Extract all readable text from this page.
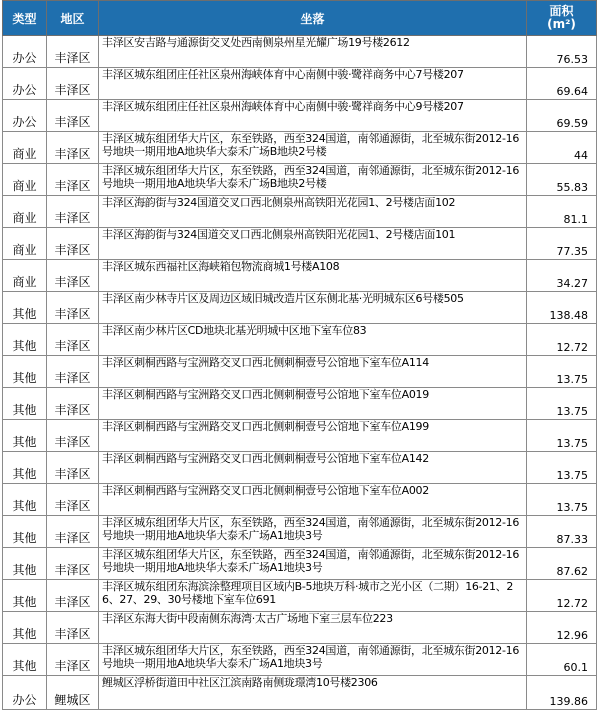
类型	地区	坐落	面积
(m²)
办公	丰泽区	丰泽区安吉路与通源街交叉处西南侧泉州星光耀广场19号楼2612	76.53
办公	丰泽区	丰泽区城东组团庄任社区泉州海峡体育中心南侧中骏·鹭祥商务中心7号楼207	69.64
办公	丰泽区	丰泽区城东组团庄任社区泉州海峡体育中心南侧中骏·鹭祥商务中心9号楼207	69.59
商业	丰泽区	丰泽区城东组团华大片区，东至铁路，西至324国道，南邻通源街，北至城东街2012-16号地块一期用地A地块华大泰禾广场B地块2号楼	44
商业	丰泽区	丰泽区城东组团华大片区，东至铁路，西至324国道，南邻通源街，北至城东街2012-16号地块一期用地A地块华大泰禾广场B地块2号楼	55.83
商业	丰泽区	丰泽区海韵街与324国道交叉口西北侧泉州高铁阳光花园1、2号楼店面102	81.1
商业	丰泽区	丰泽区海韵街与324国道交叉口西北侧泉州高铁阳光花园1、2号楼店面101	77.35
商业	丰泽区	丰泽区城东西福社区海峡箱包物流商城1号楼A108	34.27
其他	丰泽区	丰泽区南少林寺片区及周边区域旧城改造片区东侧北基·光明城东区6号楼505	138.48
其他	丰泽区	丰泽区南少林片区CD地块北基光明城中区地下室车位83	12.72
其他	丰泽区	丰泽区刺桐西路与宝洲路交叉口西北侧刺桐壹号公馆地下室车位A114	13.75
其他	丰泽区	丰泽区刺桐西路与宝洲路交叉口西北侧刺桐壹号公馆地下室车位A019	13.75
其他	丰泽区	丰泽区刺桐西路与宝洲路交叉口西北侧刺桐壹号公馆地下室车位A199	13.75
其他	丰泽区	丰泽区刺桐西路与宝洲路交叉口西北侧刺桐壹号公馆地下室车位A142	13.75
其他	丰泽区	丰泽区刺桐西路与宝洲路交叉口西北侧刺桐壹号公馆地下室车位A002	13.75
其他	丰泽区	丰泽区城东组团华大片区，东至铁路，西至324国道，南邻通源街，北至城东街2012-16号地块一期用地A地块华大泰禾广场A1地块3号	87.33
其他	丰泽区	丰泽区城东组团华大片区，东至铁路，西至324国道，南邻通源街，北至城东街2012-16号地块一期用地A地块华大泰禾广场A1地块3号	87.62
其他	丰泽区	丰泽区城东组团东海滨涂整理项目区域内B-5地块万科·城市之光小区（二期）16-21、26、27、29、30号楼地下室车位691	12.72
其他	丰泽区	丰泽区东海大街中段南侧东海湾·太古广场地下室三层车位223	12.96
其他	丰泽区	丰泽区城东组团华大片区，东至铁路，西至324国道，南邻通源街，北至城东街2012-16号地块一期用地A地块华大泰禾广场A1地块3号	60.1
办公	鲤城区	鲤城区浮桥街道田中社区江滨南路南侧珑璟湾10号楼2306	139.86
